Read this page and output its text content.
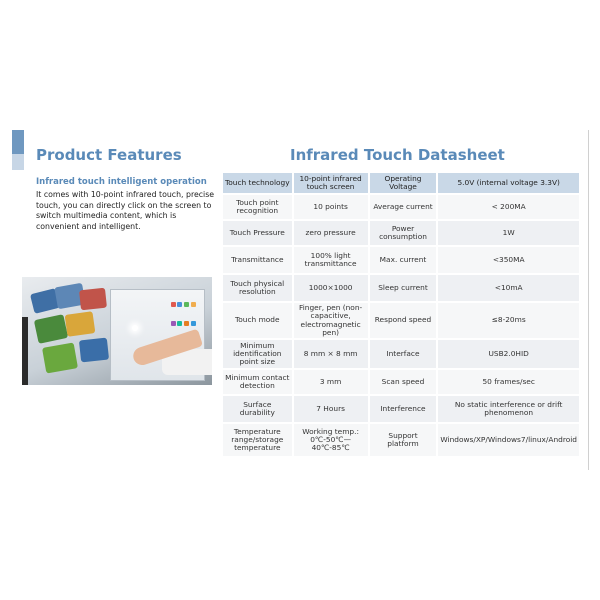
Product Features
Infrared touch intelligent operation
It comes with 10-point infrared touch, precise touch, you can directly click on the screen to switch multimedia content, which is convenient and intelligent.

Infrared Touch Datasheet
Touch technology	10-point infrared touch screen	Operating Voltage	5.0V (internal voltage 3.3V)
Touch point recognition	10 points	Average current	< 200MA
Touch Pressure	zero pressure	Power consumption	1W
Transmittance	100% light transmittance	Max. current	<350MA
Touch physical resolution	1000×1000	Sleep current	<10mA
Touch mode	Finger, pen (non-capacitive, electromagnetic pen)	Respond speed	≤8-20ms
Minimum identification point size	8 mm × 8 mm	Interface	USB2.0HID
Minimum contact detection	3 mm	Scan speed	50 frames/sec
Surface durability	7 Hours	Interference	No static interference or drift phenomenon
Temperature range/storage temperature	Working temp.: 0℃-50℃—40℃-85℃	Support platform	Windows/XP/Windows7/linux/Android
